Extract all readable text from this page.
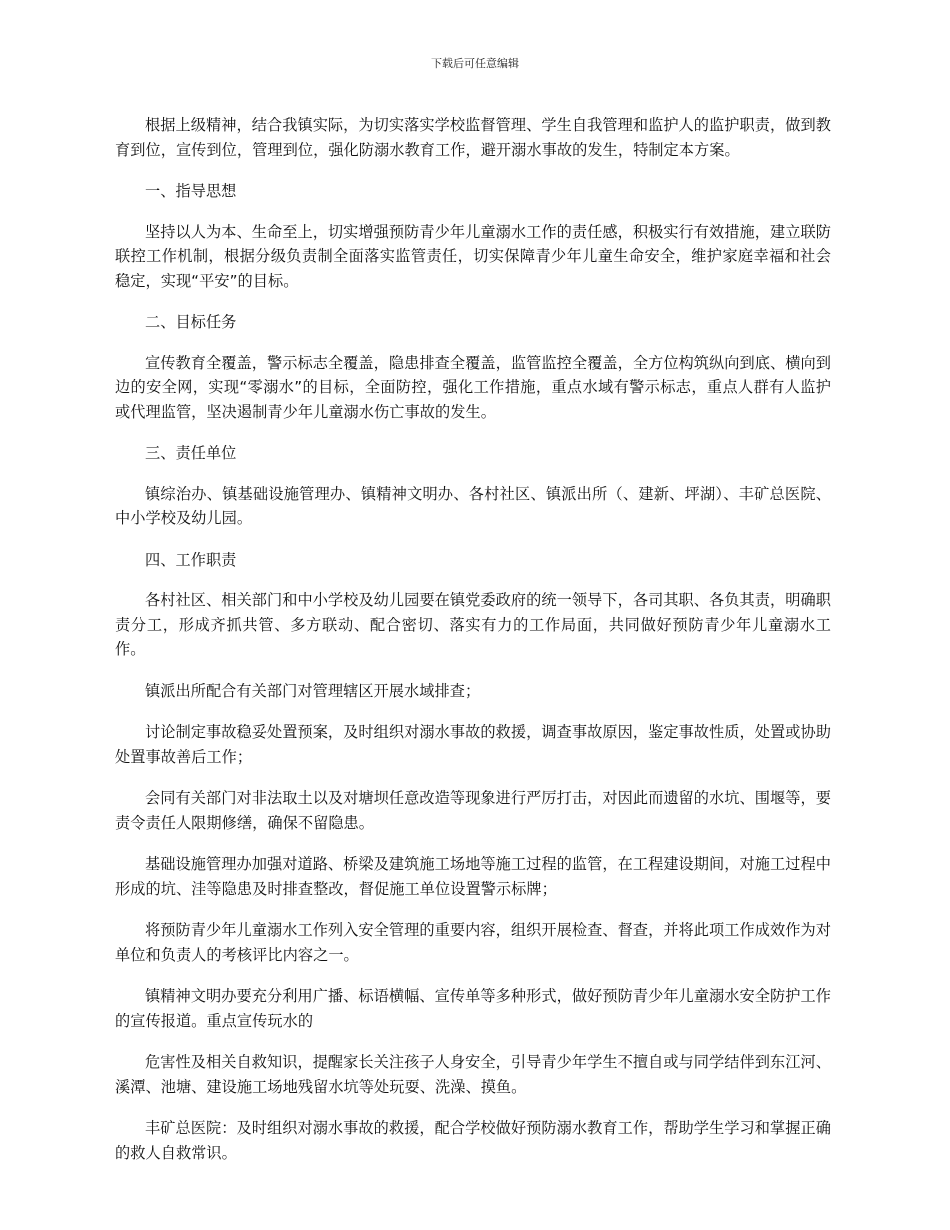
下载后可任意编辑

根据上级精神，结合我镇实际，为切实落实学校监督管理、学生自我管理和监护人的监护职责，做到教育到位，宣传到位，管理到位，强化防溺水教育工作，避开溺水事故的发生，特制定本方案。

一、指导思想

坚持以人为本、生命至上，切实增强预防青少年儿童溺水工作的责任感，积极实行有效措施，建立联防联控工作机制，根据分级负责制全面落实监管责任，切实保障青少年儿童生命安全，维护家庭幸福和社会稳定，实现“平安”的目标。

二、目标任务

宣传教育全覆盖，警示标志全覆盖，隐患排查全覆盖，监管监控全覆盖，全方位构筑纵向到底、横向到边的安全网，实现“零溺水”的目标，全面防控，强化工作措施，重点水域有警示标志，重点人群有人监护或代理监管，坚决遏制青少年儿童溺水伤亡事故的发生。

三、责任单位

镇综治办、镇基础设施管理办、镇精神文明办、各村社区、镇派出所（、建新、坪湖）、丰矿总医院、中小学校及幼儿园。

四、工作职责

各村社区、相关部门和中小学校及幼儿园要在镇党委政府的统一领导下，各司其职、各负其责，明确职责分工，形成齐抓共管、多方联动、配合密切、落实有力的工作局面，共同做好预防青少年儿童溺水工作。

镇派出所配合有关部门对管理辖区开展水域排查；

讨论制定事故稳妥处置预案，及时组织对溺水事故的救援，调查事故原因，鉴定事故性质，处置或协助处置事故善后工作；

会同有关部门对非法取土以及对塘坝任意改造等现象进行严厉打击，对因此而遗留的水坑、围堰等，要责令责任人限期修缮，确保不留隐患。

基础设施管理办加强对道路、桥梁及建筑施工场地等施工过程的监管，在工程建设期间，对施工过程中形成的坑、洼等隐患及时排查整改，督促施工单位设置警示标牌；

将预防青少年儿童溺水工作列入安全管理的重要内容，组织开展检查、督查，并将此项工作成效作为对单位和负责人的考核评比内容之一。

镇精神文明办要充分利用广播、标语横幅、宣传单等多种形式，做好预防青少年儿童溺水安全防护工作的宣传报道。重点宣传玩水的

危害性及相关自救知识，提醒家长关注孩子人身安全，引导青少年学生不擅自或与同学结伴到东江河、溪潭、池塘、建设施工场地残留水坑等处玩耍、洗澡、摸鱼。

丰矿总医院：及时组织对溺水事故的救援，配合学校做好预防溺水教育工作，帮助学生学习和掌握正确的救人自救常识。
